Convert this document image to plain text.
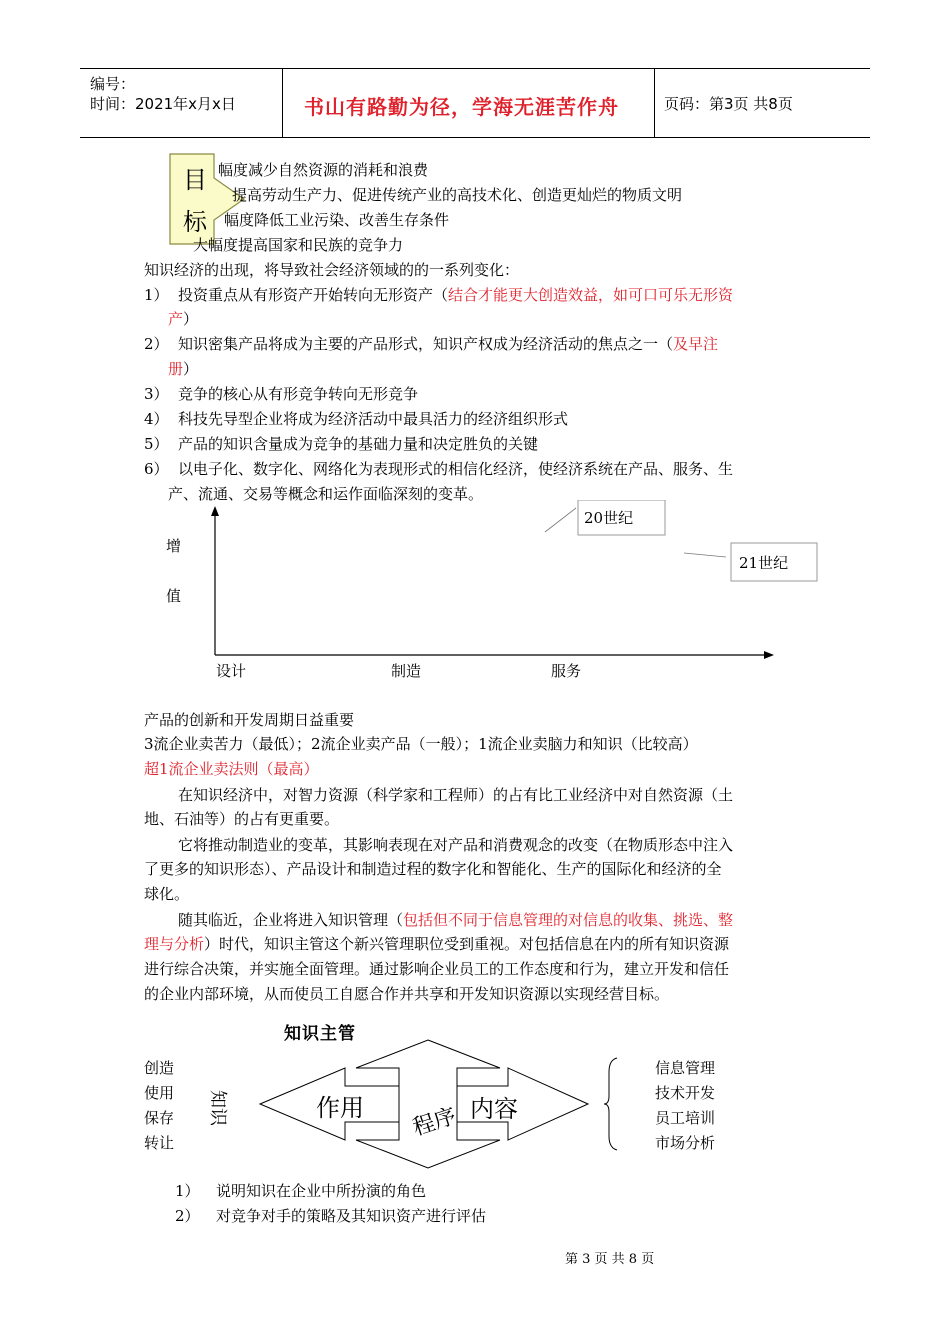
编号：
时间：2021年x月x日	书山有路勤为径，学海无涯苦作舟	页码：第3页 共8页
目
标
幅度减少自然资源的消耗和浪费
提高劳动生产力、促进传统产业的高技术化、创造更灿烂的物质文明
幅度降低工业污染、改善生存条件
大幅度提高国家和民族的竞争力
知识经济的出现，将导致社会经济领域的的一系列变化：
1） 投资重点从有形资产开始转向无形资产（结合才能更大创造效益，如可口可乐无形资
产）
2） 知识密集产品将成为主要的产品形式，知识产权成为经济活动的焦点之一（及早注
册）
3） 竞争的核心从有形竞争转向无形竞争
4） 科技先导型企业将成为经济活动中最具活力的经济组织形式
5） 产品的知识含量成为竞争的基础力量和决定胜负的关键
6） 以电子化、数字化、网络化为表现形式的相信化经济，使经济系统在产品、服务、生
产、流通、交易等概念和运作面临深刻的变革。
20世纪
21世纪
增
值
设计	制造	服务
产品的创新和开发周期日益重要
3流企业卖苦力（最低）；2流企业卖产品（一般）；1流企业卖脑力和知识（比较高）
超1流企业卖法则（最高）
在知识经济中，对智力资源（科学家和工程师）的占有比工业经济中对自然资源（土
地、石油等）的占有更重要。
它将推动制造业的变革，其影响表现在对产品和消费观念的改变（在物质形态中注入
了更多的知识形态）、产品设计和制造过程的数字化和智能化、生产的国际化和经济的全
球化。
随其临近，企业将进入知识管理（包括但不同于信息管理的对信息的收集、挑选、整
理与分析）时代，知识主管这个新兴管理职位受到重视。对包括信息在内的所有知识资源
进行综合决策，并实施全面管理。通过影响企业员工的工作态度和行为，建立开发和信任
的企业内部环境，从而使员工自愿合作并共享和开发知识资源以实现经营目标。
知识主管
作用	内容
程序
创造
使用
保存
转让
知识
信息管理
技术开发
员工培训
市场分析
1） 说明知识在企业中所扮演的角色
2） 对竞争对手的策略及其知识资产进行评估
第 3 页 共 8 页
